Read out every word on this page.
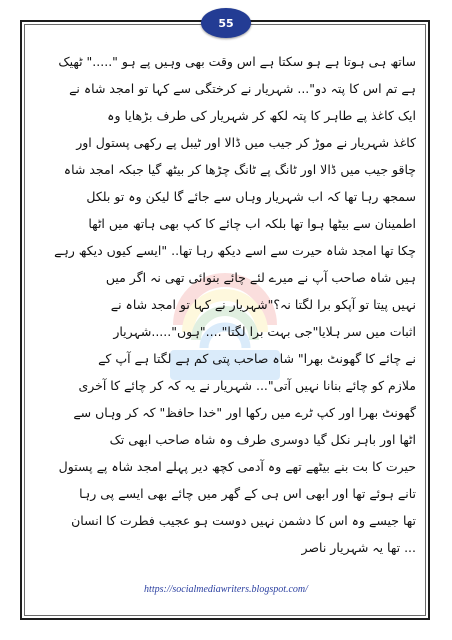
55
ساتھ ہی ہوتا ہے ہو سکتا ہے اس وقت بھی وہیں پے ہو "....." ٹھیک
ہے تم اس کا پتہ دو"... شہریار نے کرختگی سے کہا تو امجد شاہ نے
ایک کاغذ پے طاہر کا پتہ لکھ کر شہریار کی طرف بڑھایا وہ
کاغذ شہریار نے موڑ کر جیب میں ڈالا اور ٹیبل پے رکھی پستول اور
چاقو جیب میں ڈالا اور ٹانگ پے ٹانگ چڑھا کر بیٹھ گیا جبکہ امجد شاہ
سمجھ رہا تھا کہ اب شہریار وہاں سے جائے گا لیکن وہ تو بلکل
اطمینان سے بیٹھا ہوا تھا بلکہ اب چائے کا کپ بھی ہاتھ میں اٹھا
چکا تھا امجد شاہ حیرت سے اسے دیکھ رہا تھا.. "ایسے کیوں دیکھ رہے
ہیں شاہ صاحب آپ نے میرے لئے چائے بنوائی تھی نہ اگر میں
نہیں پیتا تو آپکو برا لگتا نہ؟"شہریار نے کہا تو امجد شاہ نے
اثبات میں سر ہلایا"جی بہت برا لگتا"...."ہوں".....شہریار
نے چائے کا گھونٹ بھرا" شاہ صاحب پتی کم ہے لگتا ہے آپ کے
ملازم کو چائے بنانا نہیں آتی"... شہریار نے یہ کہ کر چائے کا آخری
گھونٹ بھرا اور کپ ٹرے میں رکھا اور "خدا حافظ" کہ کر وہاں سے
اٹھا اور باہر نکل گیا دوسری طرف وہ شاہ صاحب ابھی تک
حیرت کا بت بنے بیٹھے تھے وہ آدمی کچھ دیر پہلے امجد شاہ پے پستول
تانے ہوئے تھا اور ابھی اس ہی کے گھر میں چائے بھی ایسے پی رہا
تھا جیسے وہ اس کا دشمن نہیں دوست ہو عجیب فطرت کا انسان
... تھا یہ شہریار ناصر
https://socialmediawriters.blogspot.com/
